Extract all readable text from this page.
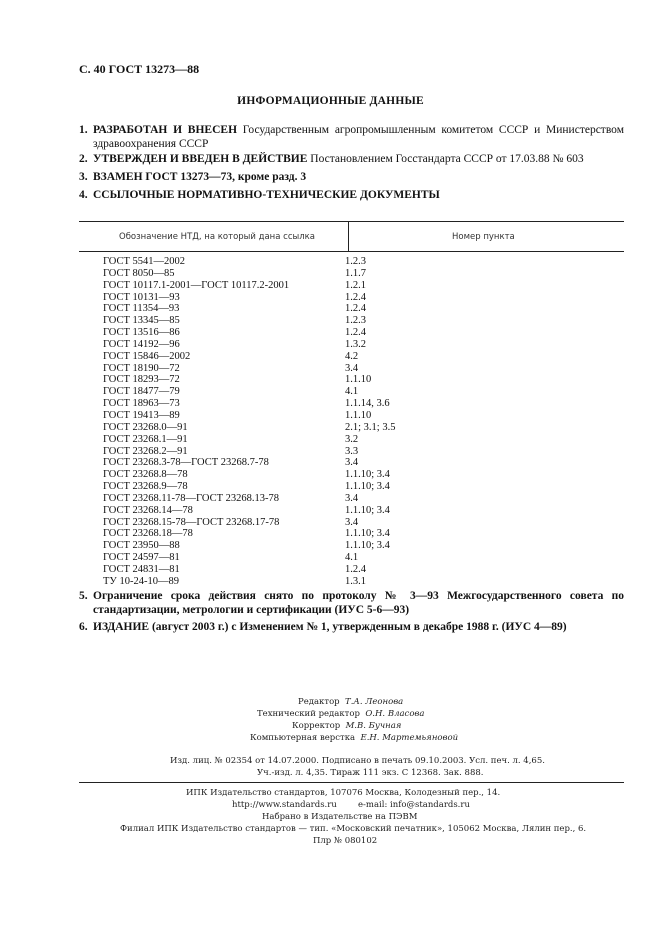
С. 40 ГОСТ 13273—88
ИНФОРМАЦИОННЫЕ ДАННЫЕ
1. РАЗРАБОТАН И ВНЕСЕН Государственным агропромышленным комитетом СССР и Министерством здравоохранения СССР
2. УТВЕРЖДЕН И ВВЕДЕН В ДЕЙСТВИЕ Постановлением Госстандарта СССР от 17.03.88 № 603
3. ВЗАМЕН ГОСТ 13273—73, кроме разд. 3
4. ССЫЛОЧНЫЕ НОРМАТИВНО-ТЕХНИЧЕСКИЕ ДОКУМЕНТЫ
Обозначение НТД, на который дана ссылка	Номер пункта
ГОСТ 5541—2002	1.2.3
ГОСТ 8050—85	1.1.7
ГОСТ 10117.1-2001—ГОСТ 10117.2-2001	1.2.1
ГОСТ 10131—93	1.2.4
ГОСТ 11354—93	1.2.4
ГОСТ 13345—85	1.2.3
ГОСТ 13516—86	1.2.4
ГОСТ 14192—96	1.3.2
ГОСТ 15846—2002	4.2
ГОСТ 18190—72	3.4
ГОСТ 18293—72	1.1.10
ГОСТ 18477—79	4.1
ГОСТ 18963—73	1.1.14, 3.6
ГОСТ 19413—89	1.1.10
ГОСТ 23268.0—91	2.1; 3.1; 3.5
ГОСТ 23268.1—91	3.2
ГОСТ 23268.2—91	3.3
ГОСТ 23268.3-78—ГОСТ 23268.7-78	3.4
ГОСТ 23268.8—78	1.1.10; 3.4
ГОСТ 23268.9—78	1.1.10; 3.4
ГОСТ 23268.11-78—ГОСТ 23268.13-78	3.4
ГОСТ 23268.14—78	1.1.10; 3.4
ГОСТ 23268.15-78—ГОСТ 23268.17-78	3.4
ГОСТ 23268.18—78	1.1.10; 3.4
ГОСТ 23950—88	1.1.10; 3.4
ГОСТ 24597—81	4.1
ГОСТ 24831—81	1.2.4
ТУ 10-24-10—89	1.3.1
5. Ограничение срока действия снято по протоколу № 3—93 Межгосударственного совета по стандартизации, метрологии и сертификации (ИУС 5-6—93)
6. ИЗДАНИЕ (август 2003 г.) с Изменением № 1, утвержденным в декабре 1988 г. (ИУС 4—89)
Редактор Т.А. Леонова
Технический редактор О.Н. Власова
Корректор М.В. Бучная
Компьютерная верстка Е.Н. Мартемьяновой
Изд. лиц. № 02354 от 14.07.2000. Подписано в печать 09.10.2003. Усл. печ. л. 4,65.
Уч.-изд. л. 4,35. Тираж 111 экз. С 12368. Зак. 888.
ИПК Издательство стандартов, 107076 Москва, Колодезный пер., 14.
http://www.standards.ru e-mail: info@standards.ru
Набрано в Издательстве на ПЭВМ
Филиал ИПК Издательство стандартов — тип. «Московский печатник», 105062 Москва, Лялин пер., 6.
Плр № 080102
